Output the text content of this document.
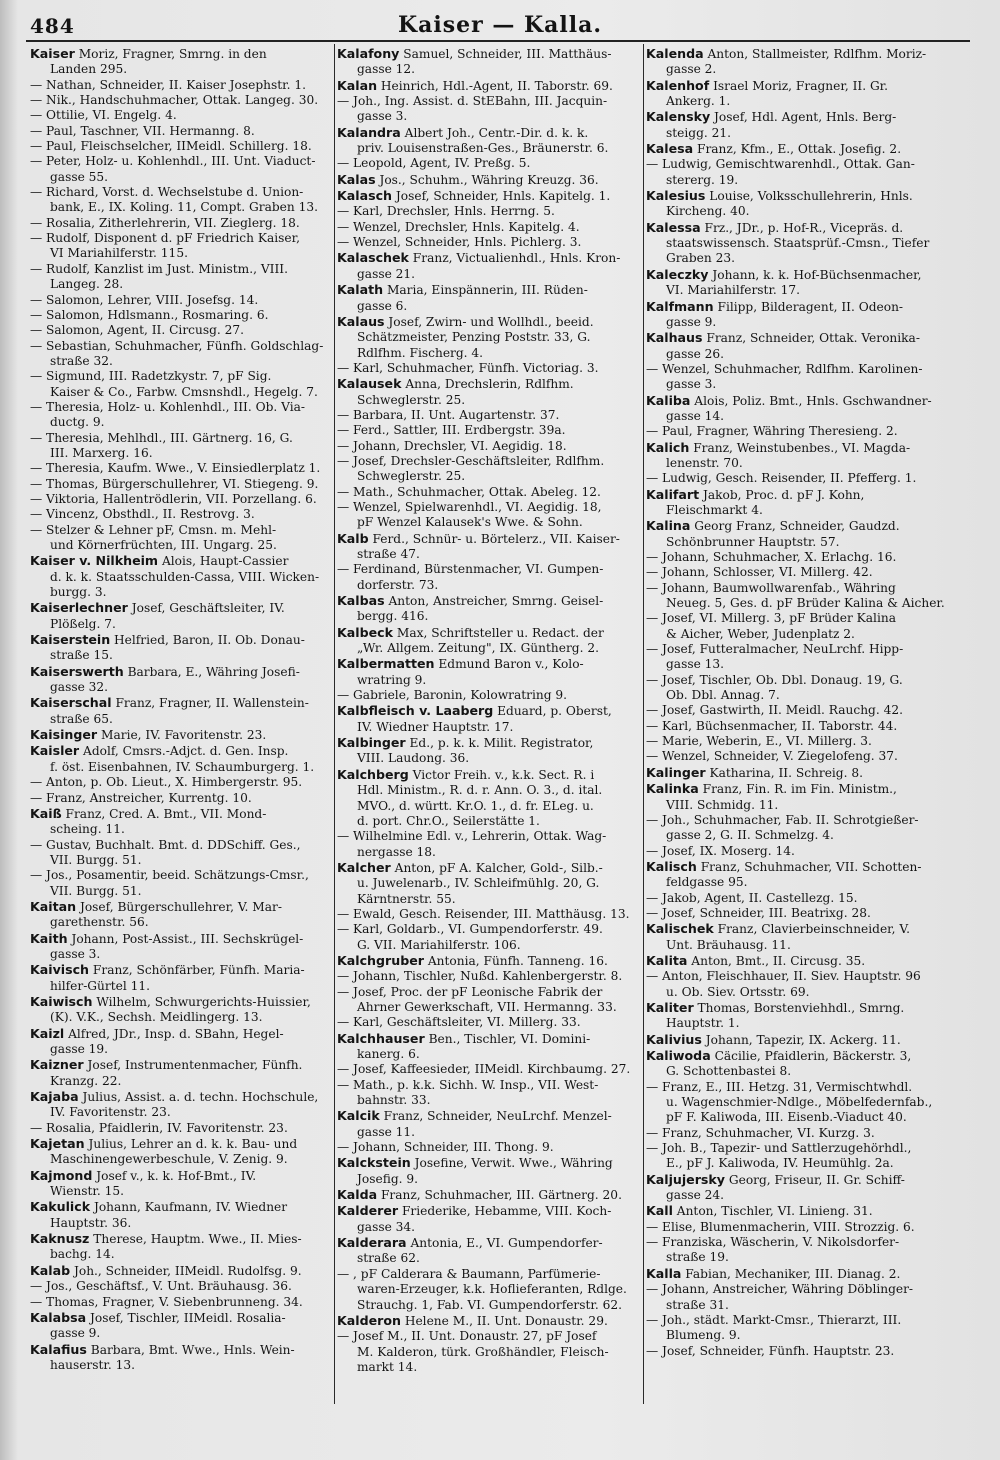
484	Kaiser — Kalla.
Kaiser Moriz, Fragner, Smrng. in den
Landen 295.
— Nathan, Schneider, II. Kaiser Josephstr. 1.
— Nik., Handschuhmacher, Ottak. Langeg. 30.
— Ottilie, VI. Engelg. 4.
— Paul, Taschner, VII. Hermanng. 8.
— Paul, Fleischselcher, IIMeidl. Schillerg. 18.
— Peter, Holz- u. Kohlenhdl., III. Unt. Viaduct-
gasse 55.
— Richard, Vorst. d. Wechselstube d. Union-
bank, E., IX. Koling. 11, Compt. Graben 13.
— Rosalia, Zitherlehrerin, VII. Zieglerg. 18.
— Rudolf, Disponent d. pF Friedrich Kaiser,
VI Mariahilferstr. 115.
— Rudolf, Kanzlist im Just. Ministm., VIII.
Langeg. 28.
— Salomon, Lehrer, VIII. Josefsg. 14.
— Salomon, Hdlsmann., Rosmaring. 6.
— Salomon, Agent, II. Circusg. 27.
— Sebastian, Schuhmacher, Fünfh. Goldschlag-
straße 32.
— Sigmund, III. Radetzkystr. 7, pF Sig.
Kaiser & Co., Farbw. Cmsnshdl., Hegelg. 7.
— Theresia, Holz- u. Kohlenhdl., III. Ob. Via-
ductg. 9.
— Theresia, Mehlhdl., III. Gärtnerg. 16, G.
III. Marxerg. 16.
— Theresia, Kaufm. Wwe., V. Einsiedlerplatz 1.
— Thomas, Bürgerschullehrer, VI. Stiegeng. 9.
— Viktoria, Hallentrödlerin, VII. Porzellang. 6.
— Vincenz, Obsthdl., II. Restrovg. 3.
— Stelzer & Lehner pF, Cmsn. m. Mehl-
und Körnerfrüchten, III. Ungarg. 25.
Kaiser v. Nilkheim Alois, Haupt-Cassier
d. k. k. Staatsschulden-Cassa, VIII. Wicken-
burgg. 3.
Kaiserlechner Josef, Geschäftsleiter, IV.
Plößelg. 7.
Kaiserstein Helfried, Baron, II. Ob. Donau-
straße 15.
Kaiserswerth Barbara, E., Währing Josefi-
gasse 32.
Kaiserschal Franz, Fragner, II. Wallenstein-
straße 65.
Kaisinger Marie, IV. Favoritenstr. 23.
Kaisler Adolf, Cmsrs.-Adjct. d. Gen. Insp.
f. öst. Eisenbahnen, IV. Schaumburgerg. 1.
— Anton, p. Ob. Lieut., X. Himbergerstr. 95.
— Franz, Anstreicher, Kurrentg. 10.
Kaiß Franz, Cred. A. Bmt., VII. Mond-
scheing. 11.
— Gustav, Buchhalt. Bmt. d. DDSchiff. Ges.,
VII. Burgg. 51.
— Jos., Posamentir, beeid. Schätzungs-Cmsr.,
VII. Burgg. 51.
Kaitan Josef, Bürgerschullehrer, V. Mar-
garethenstr. 56.
Kaith Johann, Post-Assist., III. Sechskrügel-
gasse 3.
Kaivisch Franz, Schönfärber, Fünfh. Maria-
hilfer-Gürtel 11.
Kaiwisch Wilhelm, Schwurgerichts-Huissier,
(K). V.K., Sechsh. Meidlingerg. 13.
Kaizl Alfred, JDr., Insp. d. SBahn, Hegel-
gasse 19.
Kaizner Josef, Instrumentenmacher, Fünfh.
Kranzg. 22.
Kajaba Julius, Assist. a. d. techn. Hochschule,
IV. Favoritenstr. 23.
— Rosalia, Pfaidlerin, IV. Favoritenstr. 23.
Kajetan Julius, Lehrer an d. k. k. Bau- und
Maschinengewerbeschule, V. Zenig. 9.
Kajmond Josef v., k. k. Hof-Bmt., IV.
Wienstr. 15.
Kakulick Johann, Kaufmann, IV. Wiedner
Hauptstr. 36.
Kaknusz Therese, Hauptm. Wwe., II. Mies-
bachg. 14.
Kalab Joh., Schneider, IIMeidl. Rudolfsg. 9.
— Jos., Geschäftsf., V. Unt. Bräuhausg. 36.
— Thomas, Fragner, V. Siebenbrunneng. 34.
Kalabsa Josef, Tischler, IIMeidl. Rosalia-
gasse 9.
Kalafius Barbara, Bmt. Wwe., Hnls. Wein-
hauserstr. 13.
Kalafony Samuel, Schneider, III. Matthäus-
gasse 12.
Kalan Heinrich, Hdl.-Agent, II. Taborstr. 69.
— Joh., Ing. Assist. d. StEBahn, III. Jacquin-
gasse 3.
Kalandra Albert Joh., Centr.-Dir. d. k. k.
priv. Louisenstraßen-Ges., Bräunerstr. 6.
— Leopold, Agent, IV. Preßg. 5.
Kalas Jos., Schuhm., Währing Kreuzg. 36.
Kalasch Josef, Schneider, Hnls. Kapitelg. 1.
— Karl, Drechsler, Hnls. Herrng. 5.
— Wenzel, Drechsler, Hnls. Kapitelg. 4.
— Wenzel, Schneider, Hnls. Pichlerg. 3.
Kalaschek Franz, Victualienhdl., Hnls. Kron-
gasse 21.
Kalath Maria, Einspännerin, III. Rüden-
gasse 6.
Kalaus Josef, Zwirn- und Wollhdl., beeid.
Schätzmeister, Penzing Poststr. 33, G.
Rdlfhm. Fischerg. 4.
— Karl, Schuhmacher, Fünfh. Victoriag. 3.
Kalausek Anna, Drechslerin, Rdlfhm.
Schweglerstr. 25.
— Barbara, II. Unt. Augartenstr. 37.
— Ferd., Sattler, III. Erdbergstr. 39a.
— Johann, Drechsler, VI. Aegidig. 18.
— Josef, Drechsler-Geschäftsleiter, Rdlfhm.
Schweglerstr. 25.
— Math., Schuhmacher, Ottak. Abeleg. 12.
— Wenzel, Spielwarenhdl., VI. Aegidig. 18,
pF Wenzel Kalausek's Wwe. & Sohn.
Kalb Ferd., Schnür- u. Börtelerz., VII. Kaiser-
straße 47.
— Ferdinand, Bürstenmacher, VI. Gumpen-
dorferstr. 73.
Kalbas Anton, Anstreicher, Smrng. Geisel-
bergg. 416.
Kalbeck Max, Schriftsteller u. Redact. der
„Wr. Allgem. Zeitung", IX. Güntherg. 2.
Kalbermatten Edmund Baron v., Kolo-
wratring 9.
— Gabriele, Baronin, Kolowratring 9.
Kalbfleisch v. Laaberg Eduard, p. Oberst,
IV. Wiedner Hauptstr. 17.
Kalbinger Ed., p. k. k. Milit. Registrator,
VIII. Laudong. 36.
Kalchberg Victor Freih. v., k.k. Sect. R. i
Hdl. Ministm., R. d. r. Ann. O. 3., d. ital.
MVO., d. württ. Kr.O. 1., d. fr. ELeg. u.
d. port. Chr.O., Seilerstätte 1.
— Wilhelmine Edl. v., Lehrerin, Ottak. Wag-
nergasse 18.
Kalcher Anton, pF A. Kalcher, Gold-, Silb.-
u. Juwelenarb., IV. Schleifmühlg. 20, G.
Kärntnerstr. 55.
— Ewald, Gesch. Reisender, III. Matthäusg. 13.
— Karl, Goldarb., VI. Gumpendorferstr. 49.
G. VII. Mariahilferstr. 106.
Kalchgruber Antonia, Fünfh. Tanneng. 16.
— Johann, Tischler, Nußd. Kahlenbergerstr. 8.
— Josef, Proc. der pF Leonische Fabrik der
Ahrner Gewerkschaft, VII. Hermanng. 33.
— Karl, Geschäftsleiter, VI. Millerg. 33.
Kalchhauser Ben., Tischler, VI. Domini-
kanerg. 6.
— Josef, Kaffeesieder, IIMeidl. Kirchbaumg. 27.
— Math., p. k.k. Sichh. W. Insp., VII. West-
bahnstr. 33.
Kalcik Franz, Schneider, NeuLrchf. Menzel-
gasse 11.
— Johann, Schneider, III. Thong. 9.
Kalckstein Josefine, Verwit. Wwe., Währing
Josefig. 9.
Kalda Franz, Schuhmacher, III. Gärtnerg. 20.
Kalderer Friederike, Hebamme, VIII. Koch-
gasse 34.
Kalderara Antonia, E., VI. Gumpendorfer-
straße 62.
— , pF Calderara & Baumann, Parfümerie-
waren-Erzeuger, k.k. Hoflieferanten, Rdlge.
Strauchg. 1, Fab. VI. Gumpendorferstr. 62.
Kalderon Helene M., II. Unt. Donaustr. 29.
— Josef M., II. Unt. Donaustr. 27, pF Josef
M. Kalderon, türk. Großhändler, Fleisch-
markt 14.
Kalenda Anton, Stallmeister, Rdlfhm. Moriz-
gasse 2.
Kalenhof Israel Moriz, Fragner, II. Gr.
Ankerg. 1.
Kalensky Josef, Hdl. Agent, Hnls. Berg-
steigg. 21.
Kalesa Franz, Kfm., E., Ottak. Josefig. 2.
— Ludwig, Gemischtwarenhdl., Ottak. Gan-
stererg. 19.
Kalesius Louise, Volksschullehrerin, Hnls.
Kircheng. 40.
Kalessa Frz., JDr., p. Hof-R., Vicepräs. d.
staatswissensch. Staatsprüf.-Cmsn., Tiefer
Graben 23.
Kaleczky Johann, k. k. Hof-Büchsenmacher,
VI. Mariahilferstr. 17.
Kalfmann Filipp, Bilderagent, II. Odeon-
gasse 9.
Kalhaus Franz, Schneider, Ottak. Veronika-
gasse 26.
— Wenzel, Schuhmacher, Rdlfhm. Karolinen-
gasse 3.
Kaliba Alois, Poliz. Bmt., Hnls. Gschwandner-
gasse 14.
— Paul, Fragner, Währing Theresieng. 2.
Kalich Franz, Weinstubenbes., VI. Magda-
lenenstr. 70.
— Ludwig, Gesch. Reisender, II. Pfefferg. 1.
Kalifart Jakob, Proc. d. pF J. Kohn,
Fleischmarkt 4.
Kalina Georg Franz, Schneider, Gaudzd.
Schönbrunner Hauptstr. 57.
— Johann, Schuhmacher, X. Erlachg. 16.
— Johann, Schlosser, VI. Millerg. 42.
— Johann, Baumwollwarenfab., Währing
Neueg. 5, Ges. d. pF Brüder Kalina & Aicher.
— Josef, VI. Millerg. 3, pF Brüder Kalina
& Aicher, Weber, Judenplatz 2.
— Josef, Futteralmacher, NeuLrchf. Hipp-
gasse 13.
— Josef, Tischler, Ob. Dbl. Donaug. 19, G.
Ob. Dbl. Annag. 7.
— Josef, Gastwirth, II. Meidl. Rauchg. 42.
— Karl, Büchsenmacher, II. Taborstr. 44.
— Marie, Weberin, E., VI. Millerg. 3.
— Wenzel, Schneider, V. Ziegelofeng. 37.
Kalinger Katharina, II. Schreig. 8.
Kalinka Franz, Fin. R. im Fin. Ministm.,
VIII. Schmidg. 11.
— Joh., Schuhmacher, Fab. II. Schrotgießer-
gasse 2, G. II. Schmelzg. 4.
— Josef, IX. Moserg. 14.
Kalisch Franz, Schuhmacher, VII. Schotten-
feldgasse 95.
— Jakob, Agent, II. Castellezg. 15.
— Josef, Schneider, III. Beatrixg. 28.
Kalischek Franz, Clavierbeinschneider, V.
Unt. Bräuhausg. 11.
Kalita Anton, Bmt., II. Circusg. 35.
— Anton, Fleischhauer, II. Siev. Hauptstr. 96
u. Ob. Siev. Ortsstr. 69.
Kaliter Thomas, Borstenviehhdl., Smrng.
Hauptstr. 1.
Kalivius Johann, Tapezir, IX. Ackerg. 11.
Kaliwoda Cäcilie, Pfaidlerin, Bäckerstr. 3,
G. Schottenbastei 8.
— Franz, E., III. Hetzg. 31, Vermischtwhdl.
u. Wagenschmier-Ndlge., Möbelfedernfab.,
pF F. Kaliwoda, III. Eisenb.-Viaduct 40.
— Franz, Schuhmacher, VI. Kurzg. 3.
— Joh. B., Tapezir- und Sattlerzugehörhdl.,
E., pF J. Kaliwoda, IV. Heumühlg. 2a.
Kaljujersky Georg, Friseur, II. Gr. Schiff-
gasse 24.
Kall Anton, Tischler, VI. Linieng. 31.
— Elise, Blumenmacherin, VIII. Strozzig. 6.
— Franziska, Wäscherin, V. Nikolsdorfer-
straße 19.
Kalla Fabian, Mechaniker, III. Dianag. 2.
— Johann, Anstreicher, Währing Döblinger-
straße 31.
— Joh., städt. Markt-Cmsr., Thierarzt, III.
Blumeng. 9.
— Josef, Schneider, Fünfh. Hauptstr. 23.
